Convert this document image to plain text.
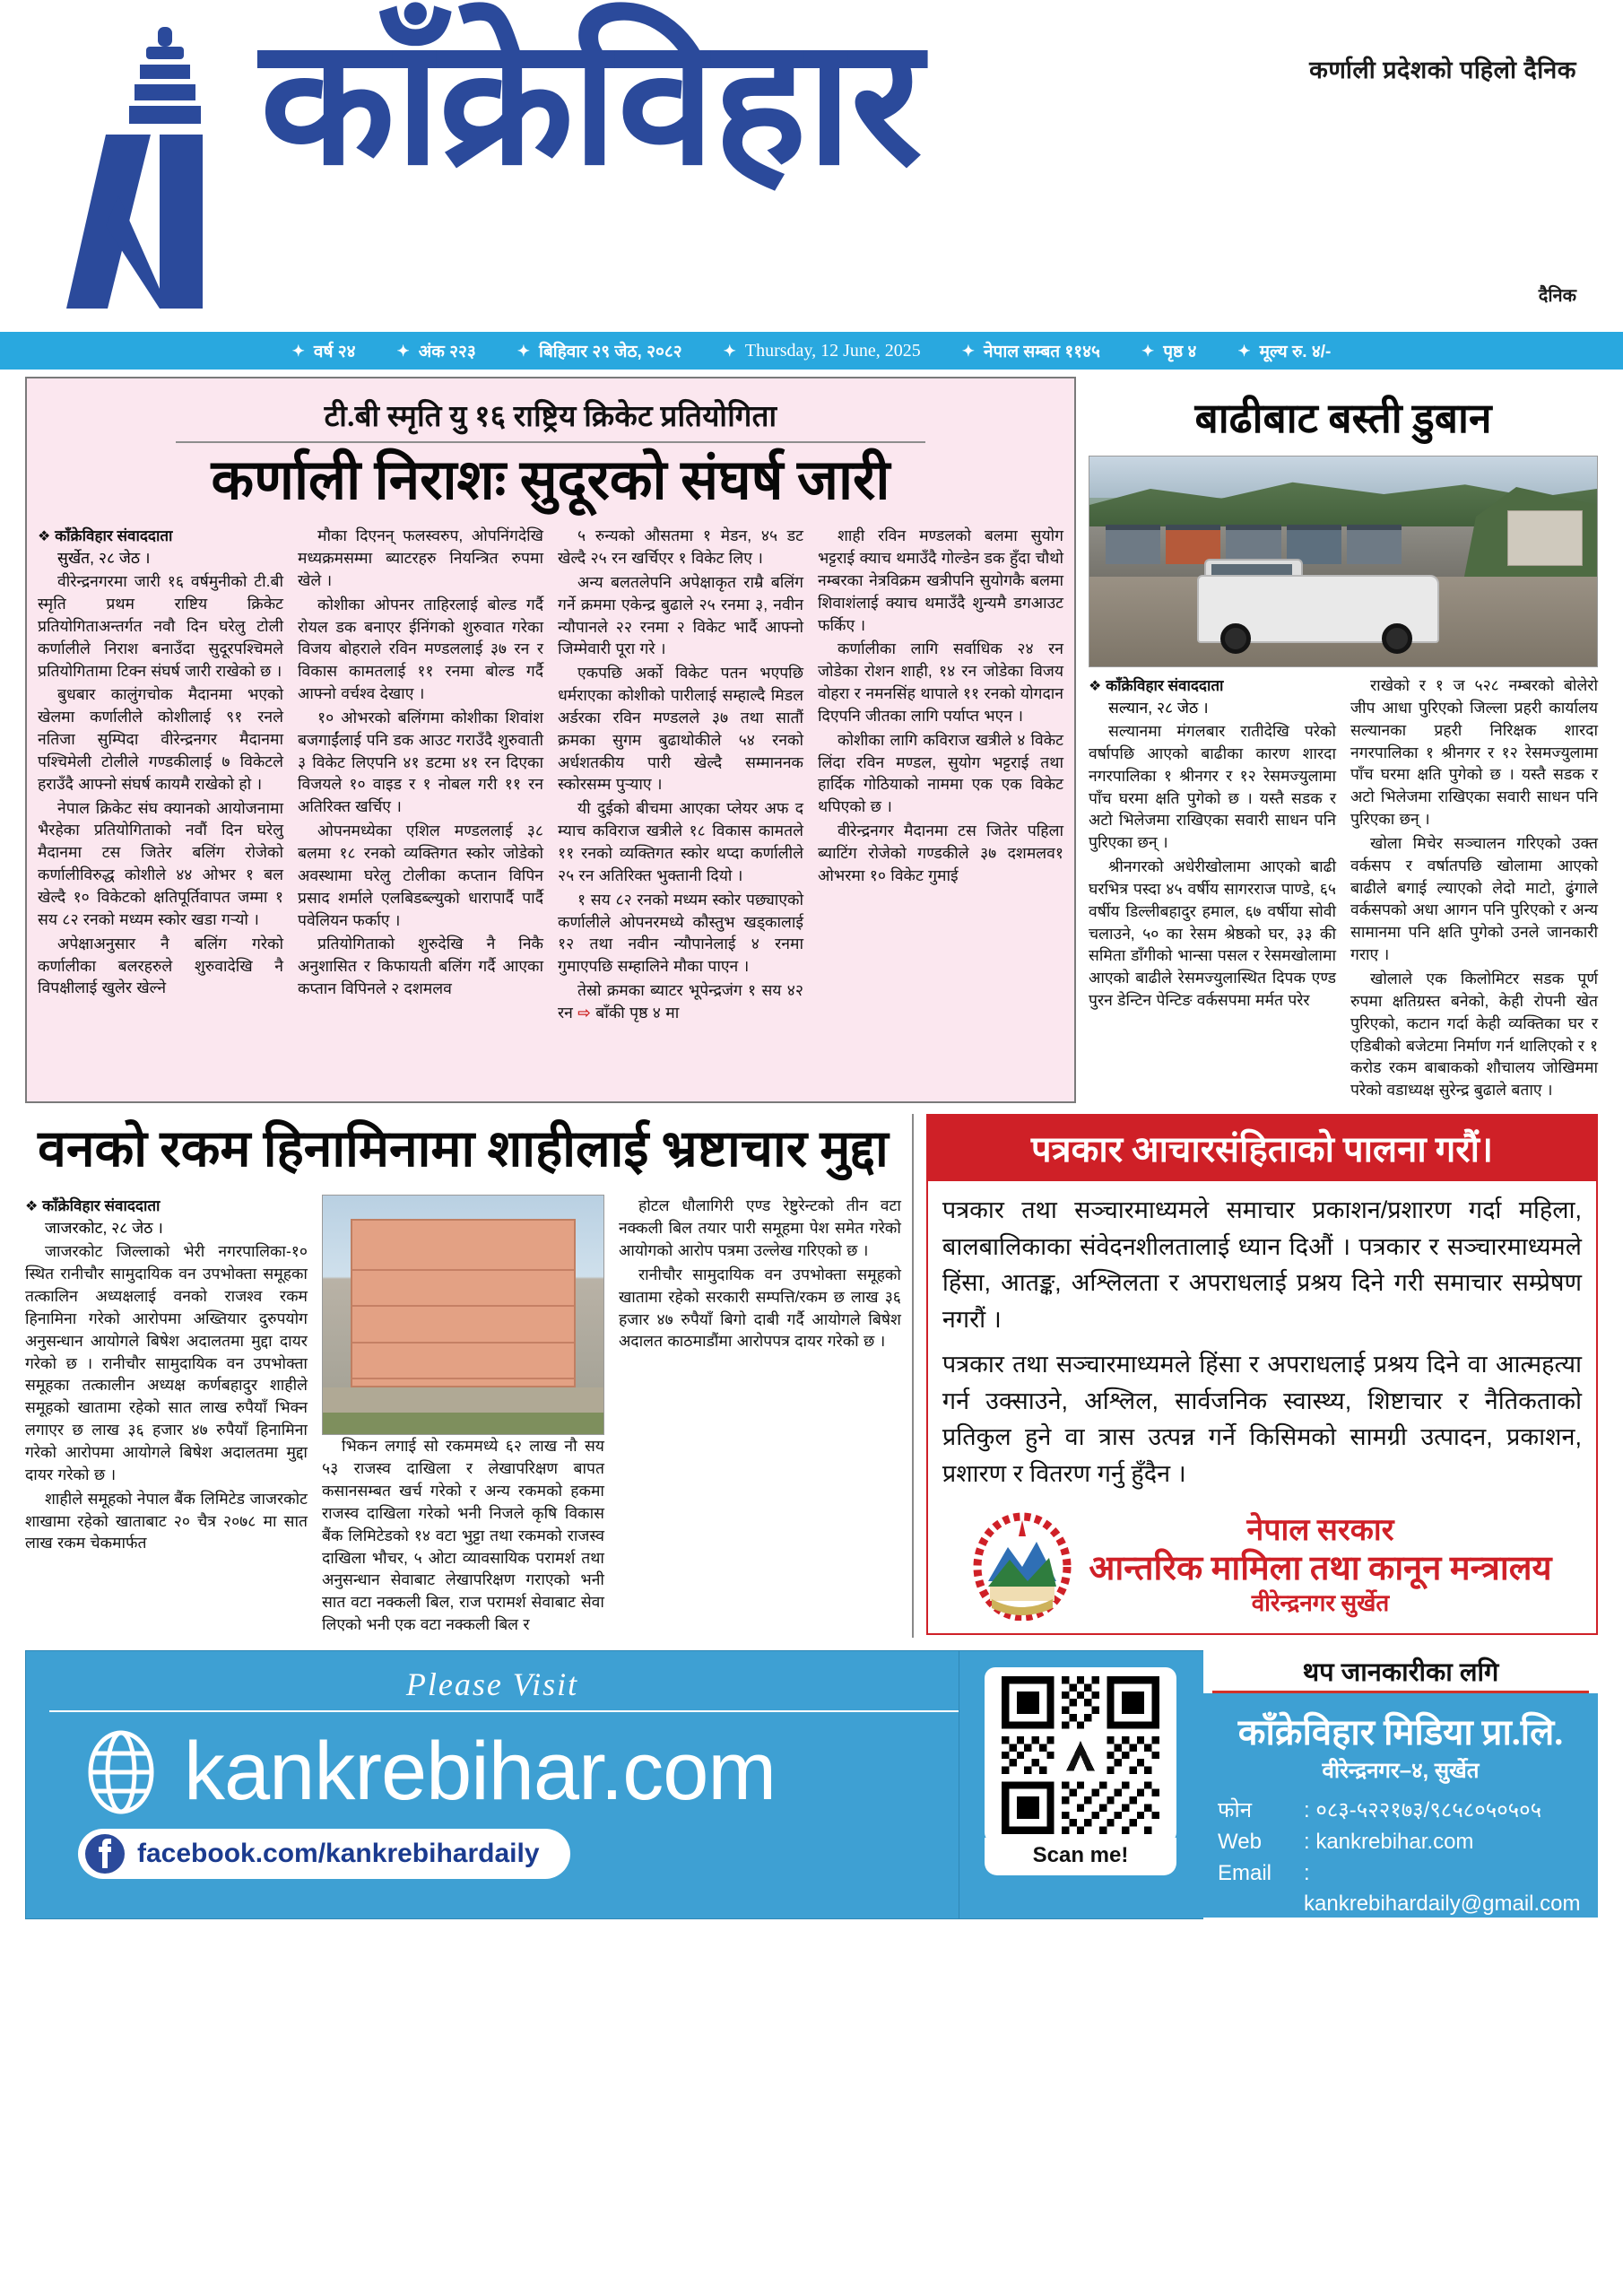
काँक्रेविहार	कर्णाली प्रदेशको पहिलो दैनिक
दैनिक
✦ वर्ष २४	✦ अंक २२३	✦ बिहिवार २९ जेठ, २०८२	✦ Thursday, 12 June, 2025	✦ नेपाल सम्बत ११४५	✦ पृष्ठ ४	✦ मूल्य रु. ४/-
टी.बी स्मृति यु १६ राष्ट्रिय क्रिकेट प्रतियोगिता
कर्णाली निराशः सुदूरको संघर्ष जारी
❖ काँक्रेविहार संवाददाता
सुर्खेत, २८ जेठ ।

वीरेन्द्रनगरमा जारी १६ वर्षमुनीको टी.बी स्मृति प्रथम राष्टिय क्रिकेट प्रतियोगिताअन्तर्गत नवौ दिन घरेलु टोली कर्णालीले निराश बनाउँदा सुदूरपश्चिमले प्रतियोगितामा टिक्न संघर्ष जारी राखेको छ ।

बुधबार कालुंगचोक मैदानमा भएको खेलमा कर्णालीले कोशीलाई ९१ रनले नतिजा सुम्पिदा वीरेन्द्रनगर मैदानमा पश्चिमेली टोलीले गण्डकीलाई ७ विकेटले हराउँदै आफ्नो संघर्ष कायमै राखेको हो ।

नेपाल क्रिकेट संघ क्यानको आयोजनामा भैरहेका प्रतियोगिताको नवौं दिन घरेलु मैदानमा टस जितेर बलिंग रोजेको कर्णालीविरुद्ध कोशीले ४४ ओभर १ बल खेल्दै १० विकेटको क्षतिपूर्तिवापत जम्मा १ सय ८२ रनको मध्यम स्कोर खडा गर्‍यो ।

अपेक्षाअनुसार नै बलिंग गरेको कर्णालीका बलरहरुले शुरुवादेखि नै विपक्षीलाई खुलेर खेल्ने

मौका दिएनन् फलस्वरुप, ओपनिंगदेखि मध्यक्रमसम्मा ब्याटरहरु नियन्त्रित रुपमा खेले ।

कोशीका ओपनर ताहिरलाई बोल्ड गर्दै रोयल डक बनाएर ईनिंगको शुरुवात गरेका विजय बोहराले रविन मण्डललाई ३७ रन र विकास कामतलाई ११ रनमा बोल्ड गर्दै आफ्नो वर्चश्व देखाए ।

१० ओभरको बलिंगमा कोशीका शिवांश बजगाईंलाई पनि डक आउट गराउँदै शुरुवाती ३ विकेट लिएपनि ४१ डटमा ४१ रन दिएका विजयले १० वाइड र १ नोबल गरी ११ रन अतिरिक्त खर्चिए ।

ओपनमध्येका एशिल मण्डललाई ३८ बलमा १८ रनको व्यक्तिगत स्कोर जोडेको अवस्थामा घरेलु टोलीका कप्तान विपिन प्रसाद शर्माले एलबिडब्ल्युको धारापार्दै पार्दै पवेलियन फर्काए ।

प्रतियोगिताको शुरुदेखि नै निकै अनुशासित र किफायती बलिंग गर्दै आएका कप्तान विपिनले २ दशमलव

५ रुन्यको औसतमा १ मेडन, ४५ डट खेल्दै २५ रन खर्चिएर १ विकेट लिए ।

अन्य बलतलेपनि अपेक्षाकृत राम्रै बलिंग गर्ने क्रममा एकेन्द्र बुढाले २५ रनमा ३, नवीन न्यौपानले २२ रनमा २ विकेट भार्दै आफ्नो जिम्मेवारी पूरा गरे ।

एकपछि अर्को विकेट पतन भएपछि धर्मराएका कोशीको पारीलाई सम्हाल्दै मिडल अर्डरका रविन मण्डलले ३७ तथा सातौं क्रमका सुगम बुढाथोकीले ५४ रनको अर्धशतकीय पारी खेल्दै सम्माननक स्कोरसम्म पुर्‍याए ।

यी दुईको बीचमा आएका प्लेयर अफ द म्याच कविराज खत्रीले १८ विकास कामतले ११ रनको व्यक्तिगत स्कोर थप्दा कर्णालीले २५ रन अतिरिक्त भुक्तानी दियो ।

१ सय ८२ रनको मध्यम स्कोर पछ्याएको कर्णालीले ओपनरमध्ये कौस्तुभ खड्कालाई १२ तथा नवीन न्यौपानेलाई ४ रनमा गुमाएपछि सम्हालिने मौका पाएन ।

तेस्रो क्रमका ब्याटर भूपेन्द्रजंग १ सय ४२ रन ⇨ बाँकी पृष्ठ ४ मा

शाही रविन मण्डलको बलमा सुयोग भट्टराई क्याच थमाउँदै गोल्डेन डक हुँदा चौथो नम्बरका नेत्रविक्रम खत्रीपनि सुयोगकै बलमा शिवाशंलाई क्याच थमाउँदै शुन्यमै डगआउट फर्किए ।

कर्णालीका लागि सर्वाधिक २४ रन जोडेका रोशन शाही, १४ रन जोडेका विजय वोहरा र नमनसिंह थापाले ११ रनको योगदान दिएपनि जीतका लागि पर्याप्त भएन ।

कोशीका लागि कविराज खत्रीले ४ विकेट लिंदा रविन मण्डल, सुयोग भट्टराई तथा हार्दिक गोठियाको नाममा एक एक विकेट थपिएको छ ।

वीरेन्द्रनगर मैदानमा टस जितेर पहिला ब्याटिंग रोजेको गण्डकीले ३७ दशमलव१ ओभरमा १० विकेट गुमाई

बाढीबाट बस्ती डुबान
❖ काँक्रेविहार संवाददाता
सल्यान, २८ जेठ ।

सल्यानमा मंगलबार रातीदेखि परेको वर्षापछि आएको बाढीका कारण शारदा नगरपालिका १ श्रीनगर र १२ रेसमज्युलामा पाँच घरमा क्षति पुगेको छ । यस्तै सडक र अटो भिलेजमा राखिएका सवारी साधन पनि पुरिएका छन् ।

श्रीनगरको अधेरीखोलामा आएको बाढी घरभित्र पस्दा ४५ वर्षीय सागरराज पाण्डे, ६५ वर्षीय डिल्लीबहादुर हमाल, ६७ वर्षीया सोवी चलाउने, ५० का रेसम श्रेष्ठको घर, ३३ की समिता डाँगीको भान्सा पसल र रेसमखोलामा आएको बाढीले रेसमज्युलास्थित दिपक एण्ड पुरन डेन्टिन पेन्टिङ वर्कसपमा मर्मत परेर

राखेको र १ ज ५२८ नम्बरको बोलेरो जीप आधा पुरिएको जिल्ला प्रहरी कार्यालय सल्यानका प्रहरी निरिक्षक शारदा नगरपालिका १ श्रीनगर र १२ रेसमज्युलामा पाँच घरमा क्षति पुगेको छ । यस्तै सडक र अटो भिलेजमा राखिएका सवारी साधन पनि पुरिएका छन् ।

खोला मिचेर सञ्चालन गरिएको उक्त वर्कसप र वर्षातपछि खोलामा आएको बाढीले बगाई ल्याएको लेदो माटो, ढुंगाले वर्कसपको अधा आगन पनि पुरिएको र अन्य सामानमा पनि क्षति पुगेको उनले जानकारी गराए ।

खोलाले एक किलोमिटर सडक पूर्ण रुपमा क्षतिग्रस्त बनेको, केही रोपनी खेत पुरिएको, कटान गर्दा केही व्यक्तिका घर र एडिबीको बजेटमा निर्माण गर्न थालिएको र १ करोड रकम बाबाकको शौचालय जोखिममा परेको वडाध्यक्ष सुरेन्द्र बुढाले बताए ।

वनको रकम हिनामिनामा शाहीलाई भ्रष्टाचार मुद्दा
❖ काँक्रेविहार संवाददाता
जाजरकोट, २८ जेठ ।

जाजरकोट जिल्लाको भेरी नगरपालिका-१० स्थित रानीचौर सामुदायिक वन उपभोक्ता समूहका तत्कालिन अध्यक्षलाई वनको राजश्व रकम हिनामिना गरेको आरोपमा अख्तियार दुरुपयोग अनुसन्धान आयोगले बिषेश अदालतमा मुद्दा दायर गरेको छ । रानीचौर सामुदायिक वन उपभोक्ता समूहका तत्कालीन अध्यक्ष कर्णबहादुर शाहीले समूहको खातामा रहेको सात लाख रुपैयाँ भिक्न लगाएर छ लाख ३६ हजार ४७ रुपैयाँ हिनामिना गरेको आरोपमा आयोगले बिषेश अदालतमा मुद्दा दायर गरेको छ ।

शाहीले समूहको नेपाल बैंक लिमिटेड जाजरकोट शाखामा रहेको खाताबाट २० चैत्र २०७८ मा सात लाख रकम चेकमार्फत

भिकन लगाई सो रकममध्ये ६२ लाख नौ सय ५३ राजस्व दाखिला र लेखापरिक्षण बापत कसानसम्बत खर्च गरेको र अन्य रकमको हकमा राजस्व दाखिला गरेको भनी निजले कृषि विकास बैंक लिमिटेडको १४ वटा भुट्टा तथा रकमको राजस्व दाखिला भौचर, ५ ओटा व्यावसायिक परामर्श तथा अनुसन्धान सेवाबाट लेखापरिक्षण गराएको भनी सात वटा नक्कली बिल, राज परामर्श सेवाबाट सेवा लिएको भनी एक वटा नक्कली बिल र

होटल धौलागिरी एण्ड रेष्टुरेन्टको तीन वटा नक्कली बिल तयार पारी समूहमा पेश समेत गरेको आयोगको आरोप पत्रमा उल्लेख गरिएको छ ।

रानीचौर सामुदायिक वन उपभोक्ता समूहको खातामा रहेको सरकारी सम्पत्ति/रकम छ लाख ३६ हजार ४७ रुपैयाँ बिगो दाबी गर्दै आयोगले बिषेश अदालत काठमाडौंमा आरोपपत्र दायर गरेको छ ।

पत्रकार आचारसंहिताको पालना गरौं।

पत्रकार तथा सञ्चारमाध्यमले समाचार प्रकाशन/प्रशारण गर्दा महिला, बालबालिकाका संवेदनशीलतालाई ध्यान दिऔं । पत्रकार र सञ्चारमाध्यमले हिंसा, आतङ्क, अश्लिलता र अपराधलाई प्रश्रय दिने गरी समाचार सम्प्रेषण नगरौं ।

पत्रकार तथा सञ्चारमाध्यमले हिंसा र अपराधलाई प्रश्रय दिने वा आत्महत्या गर्न उक्साउने, अश्लिल, सार्वजनिक स्वास्थ्य, शिष्टाचार र नैतिकताको प्रतिकुल हुने वा त्रास उत्पन्न गर्ने किसिमको सामग्री उत्पादन, प्रकाशन, प्रशारण र वितरण गर्नु हुँदैन ।

नेपाल सरकार
आन्तरिक मामिला तथा कानून मन्त्रालय
वीरेन्द्रनगर सुर्खेत
Please Visit
kankrebihar.com
facebook.com/kankrebihardaily	Scan me!
थप जानकारीका लगि
काँक्रेविहार मिडिया प्रा.लि.
वीरेन्द्रनगर–४, सुर्खेत
फोन	: ०८३-५२२१७३/९८५८०५०५०५
Web	: kankrebihar.com
Email	: kankrebihardaily@gmail.com
